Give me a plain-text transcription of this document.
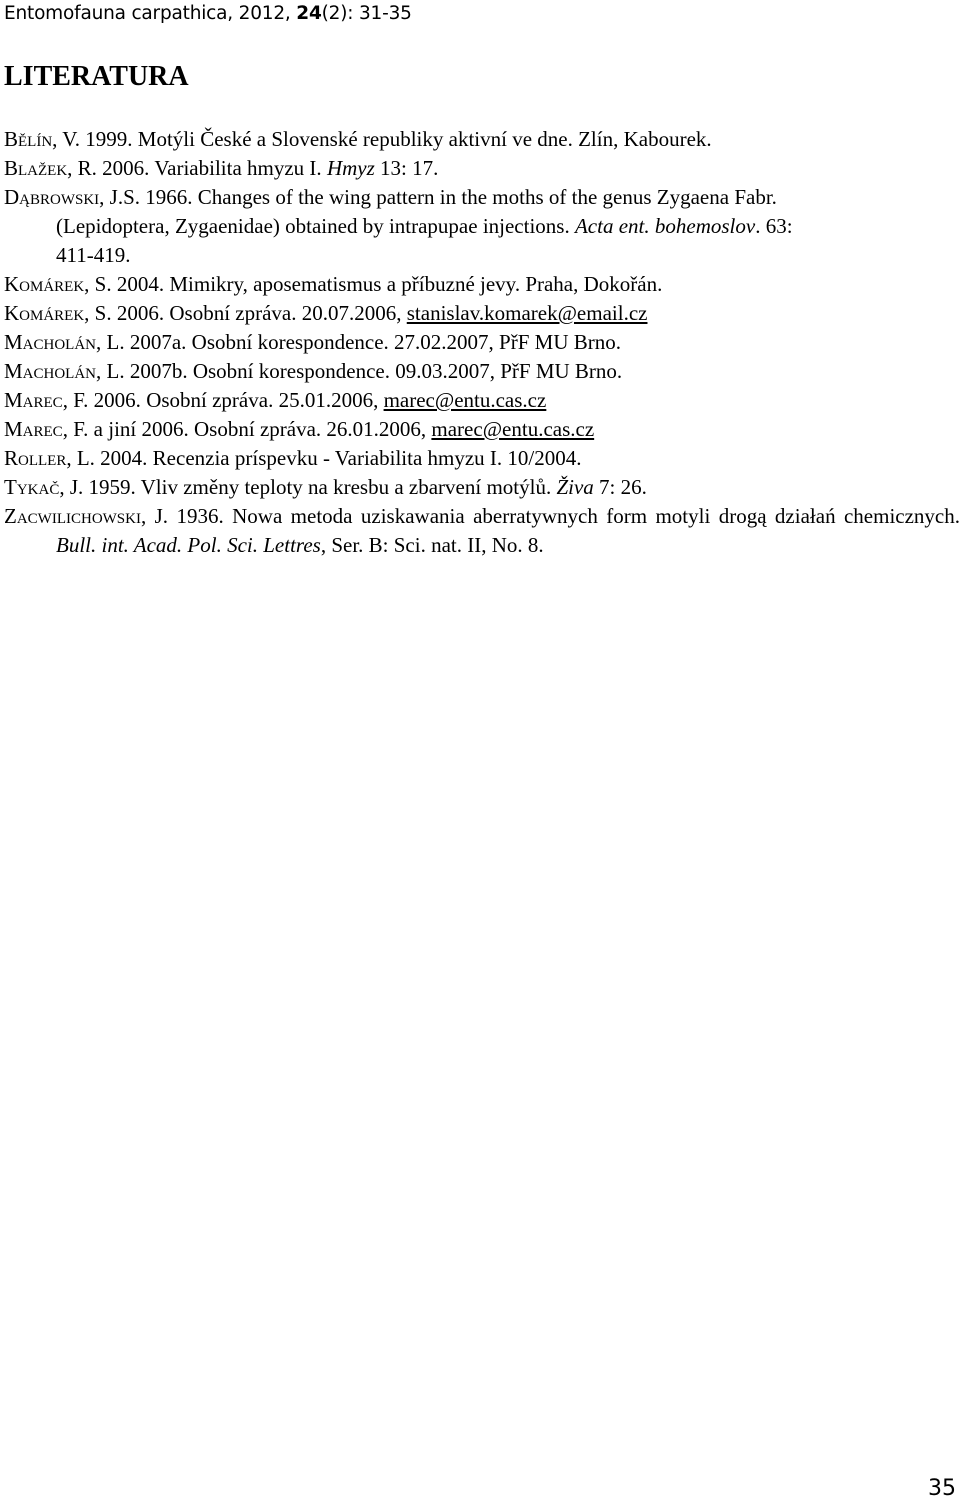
Entomofauna carpathica, 2012, 24(2): 31-35
LITERATURA
Bělín, V. 1999. Motýli České a Slovenské republiky aktivní ve dne. Zlín, Kabourek.
Blažek, R. 2006. Variabilita hmyzu I. Hmyz 13: 17.
Dąbrowski, J.S. 1966. Changes of the wing pattern in the moths of the genus Zygaena Fabr.
(Lepidoptera, Zygaenidae) obtained by intrapupae injections. Acta ent. bohemoslov. 63:
411-419.
Komárek, S. 2004. Mimikry, aposematismus a příbuzné jevy. Praha, Dokořán.
Komárek, S. 2006. Osobní zpráva. 20.07.2006, stanislav.komarek@email.cz
Macholán, L. 2007a. Osobní korespondence. 27.02.2007, PřF MU Brno.
Macholán, L. 2007b. Osobní korespondence. 09.03.2007, PřF MU Brno.
Marec, F. 2006. Osobní zpráva. 25.01.2006, marec@entu.cas.cz
Marec, F. a jiní 2006. Osobní zpráva. 26.01.2006, marec@entu.cas.cz
Roller, L. 2004. Recenzia príspevku - Variabilita hmyzu I. 10/2004.
Tykač, J. 1959. Vliv změny teploty na kresbu a zbarvení motýlů. Živa 7: 26.
Zacwilichowski, J. 1936. Nowa metoda uziskawania aberratywnych form motyli drogą działań chemicznych. Bull. int. Acad. Pol. Sci. Lettres, Ser. B: Sci. nat. II, No. 8.
35
